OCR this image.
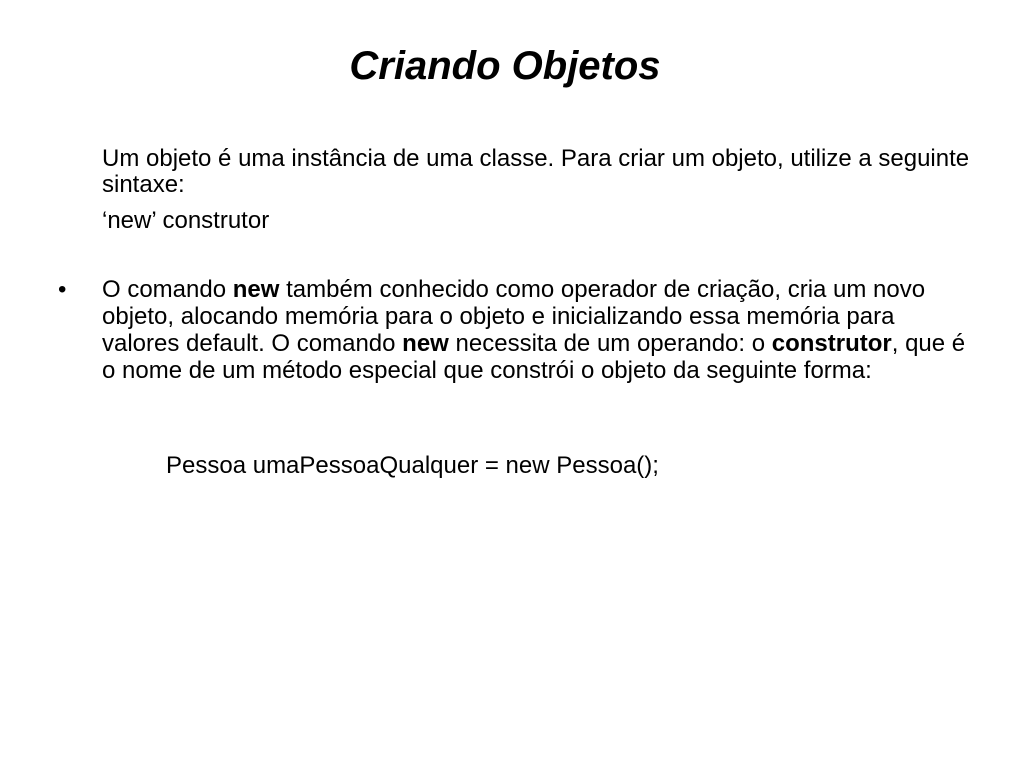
Criando Objetos

Um objeto é uma instância de uma classe. Para criar um objeto, utilize a seguinte sintaxe:

‘new’ construtor

•	O comando new também conhecido como operador de criação, cria um novo objeto, alocando memória para o objeto e inicializando essa memória para valores default. O comando new necessita de um operando: o construtor, que é o nome de um método especial que constrói o objeto da seguinte forma:

Pessoa umaPessoaQualquer = new Pessoa();
